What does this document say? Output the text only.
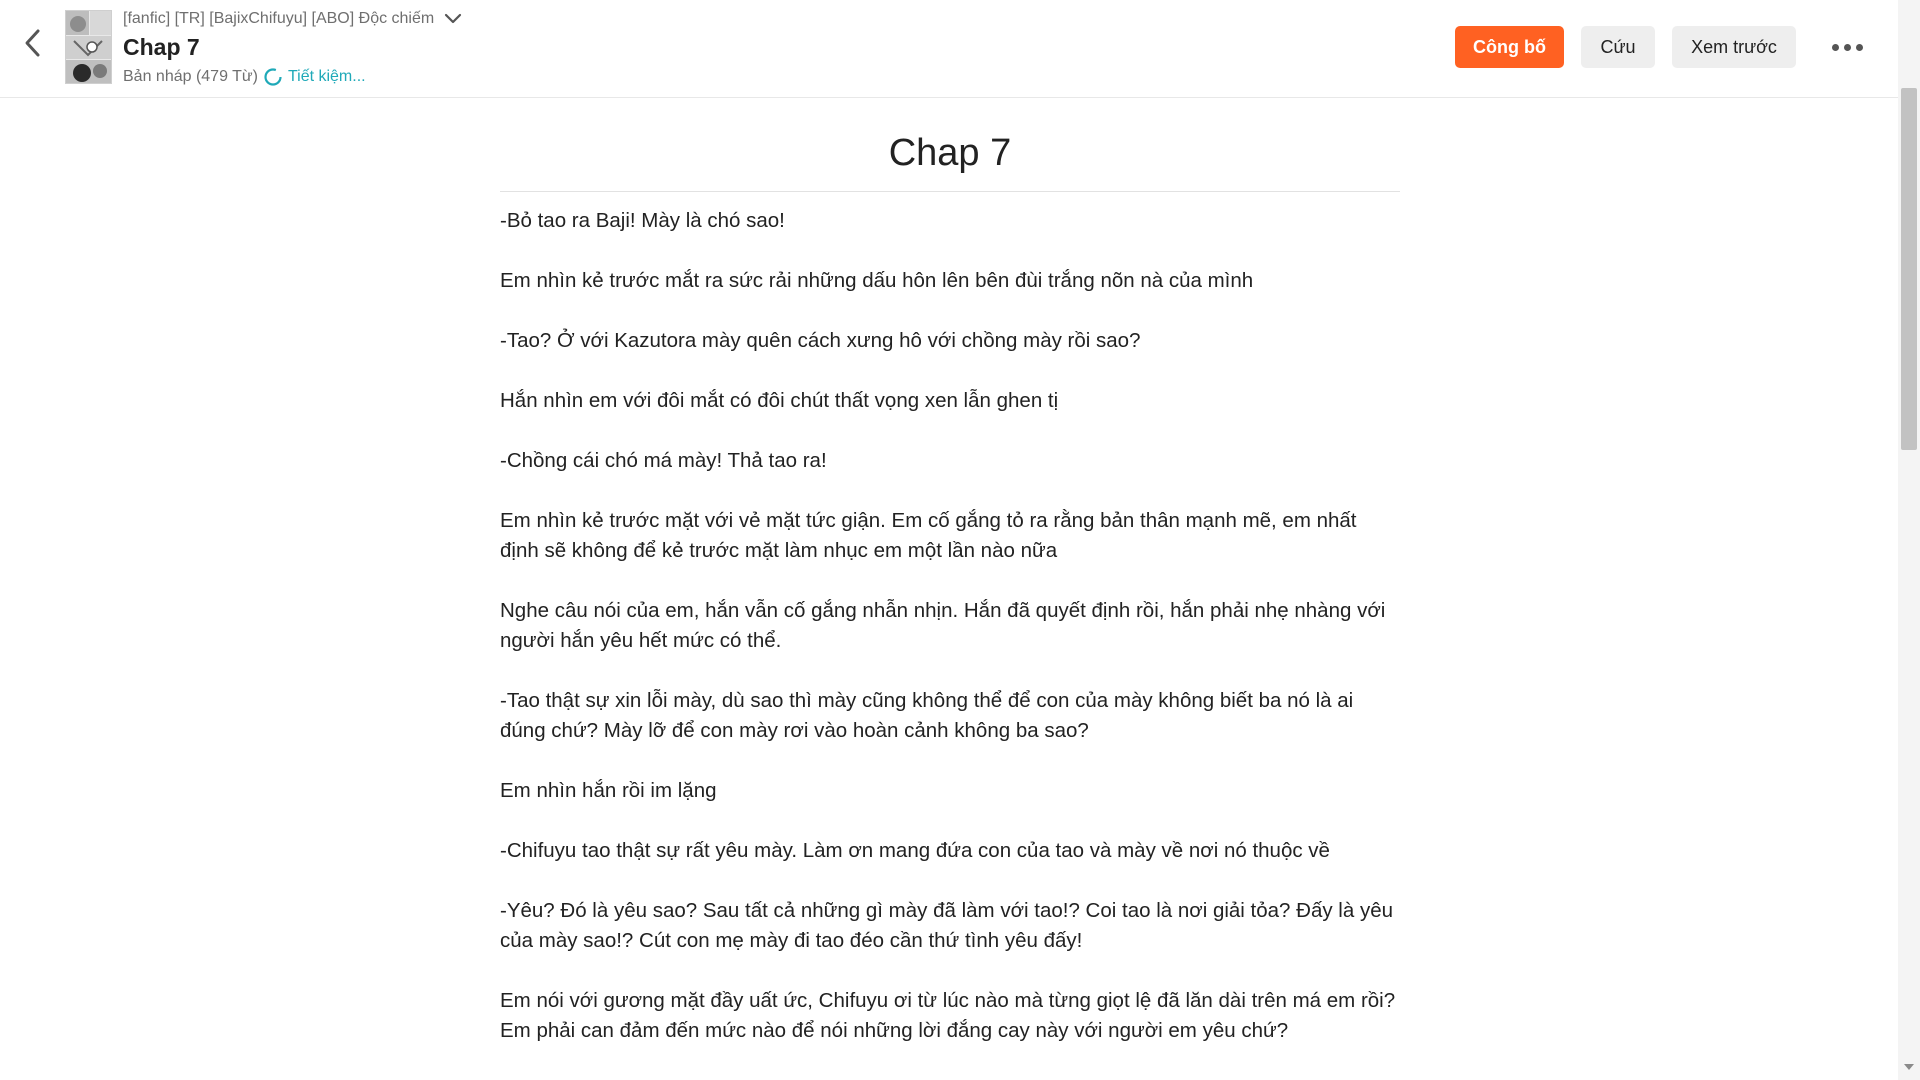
[fanfic] [TR] [BajixChifuyu] [ABO] Độc chiếm
Chap 7
Bản nháp (479 Từ) Tiết kiệm...
Công bố	Cứu	Xem trước
Chap 7

-Bỏ tao ra Baji! Mày là chó sao!

Em nhìn kẻ trước mắt ra sức rải những dấu hôn lên bên đùi trắng nõn nà của mình

-Tao? Ở với Kazutora mày quên cách xưng hô với chồng mày rồi sao?

Hắn nhìn em với đôi mắt có đôi chút thất vọng xen lẫn ghen tị

-Chồng cái chó má mày! Thả tao ra!

Em nhìn kẻ trước mặt với vẻ mặt tức giận. Em cố gắng tỏ ra rằng bản thân mạnh mẽ, em nhất định sẽ không để kẻ trước mặt làm nhục em một lần nào nữa

Nghe câu nói của em, hắn vẫn cố gắng nhẫn nhịn. Hắn đã quyết định rồi, hắn phải nhẹ nhàng với người hắn yêu hết mức có thể.

-Tao thật sự xin lỗi mày, dù sao thì mày cũng không thể để con của mày không biết ba nó là ai đúng chứ? Mày lỡ để con mày rơi vào hoàn cảnh không ba sao?

Em nhìn hắn rồi im lặng

-Chifuyu tao thật sự rất yêu mày. Làm ơn mang đứa con của tao và mày về nơi nó thuộc về

-Yêu? Đó là yêu sao? Sau tất cả những gì mày đã làm với tao!? Coi tao là nơi giải tỏa? Đấy là yêu của mày sao!? Cút con mẹ mày đi tao đéo cần thứ tình yêu đấy!

Em nói với gương mặt đầy uất ức, Chifuyu ơi từ lúc nào mà từng giọt lệ đã lăn dài trên má em rồi? Em phải can đảm đến mức nào để nói những lời đắng cay này với người em yêu chứ?
